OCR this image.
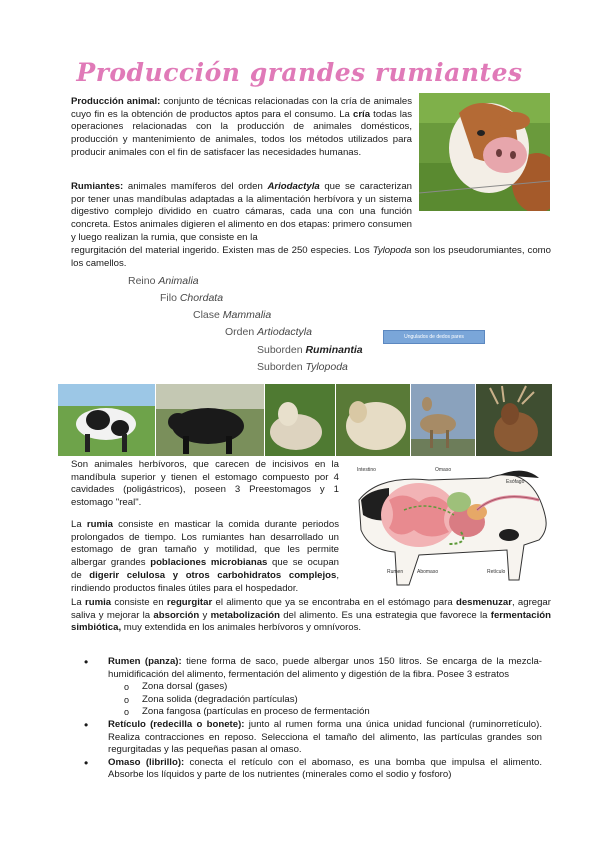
Producción grandes rumiantes

Producción animal: conjunto de técnicas relacionadas con la cría de animales cuyo fin es la obtención de productos aptos para el consumo. La cría todas las operaciones relacionadas con la producción de animales domésticos, producción y mantenimiento de animales, todos los métodos utilizados para producir animales con el fin de satisfacer las necesidades humanas.

Rumiantes: animales mamíferos del orden Ariodactyla que se caracterizan por tener unas mandíbulas adaptadas a la alimentación herbívora y un sistema digestivo complejo dividido en cuatro cámaras, cada una con una función concreta. Estos animales digieren el alimento en dos etapas: primero consumen y luego realizan la rumia, que consiste en la

regurgitación del material ingerido. Existen mas de 250 especies. Los Tylopoda son los pseudorumiantes, como los camellos.

Reino Animalia
Filo Chordata
Clase Mammalia
Orden Artiodactyla
Suborden Ruminantia
Suborden Tylopoda
Ungulados de dedos pares

Son animales herbívoros, que carecen de incisivos en la mandíbula superior y tienen el estomago compuesto por 4 cavidades (poligástricos), poseen 3 Preestomagos y 1 estomago "real".

Intestino	Omaso
Esófago
Rumen	Abomaso	Retículo

La rumia consiste en masticar la comida durante periodos prolongados de tiempo. Los rumiantes han desarrollado un estomago de gran tamaño y motilidad, que les permite albergar grandes poblaciones microbianas que se ocupan de digerir celulosa y otros carbohidratos complejos, rindiendo productos finales útiles para el hospedador.

La rumia consiste en regurgitar el alimento que ya se encontraba en el estómago para desmenuzar, agregar saliva y mejorar la absorción y metabolización del alimento. Es una estrategia que favorece la fermentación simbiótica, muy extendida en los animales herbívoros y omnívoros.

• Rumen (panza): tiene forma de saco, puede albergar unos 150 litros. Se encarga de la mezcla-humidificación del alimento, fermentación del alimento y digestión de la fibra. Posee 3 estratos
o Zona dorsal (gases)
o Zona solida (degradación partículas)
o Zona fangosa (partículas en proceso de fermentación
• Retículo (redecilla o bonete): junto al rumen forma una única unidad funcional (ruminorretículo). Realiza contracciones en reposo. Selecciona el tamaño del alimento, las partículas grandes son regurgitadas y las pequeñas pasan al omaso.
• Omaso (librillo): conecta el retículo con el abomaso, es una bomba que impulsa el alimento. Absorbe los líquidos y parte de los nutrientes (minerales como el sodio y fosforo)
